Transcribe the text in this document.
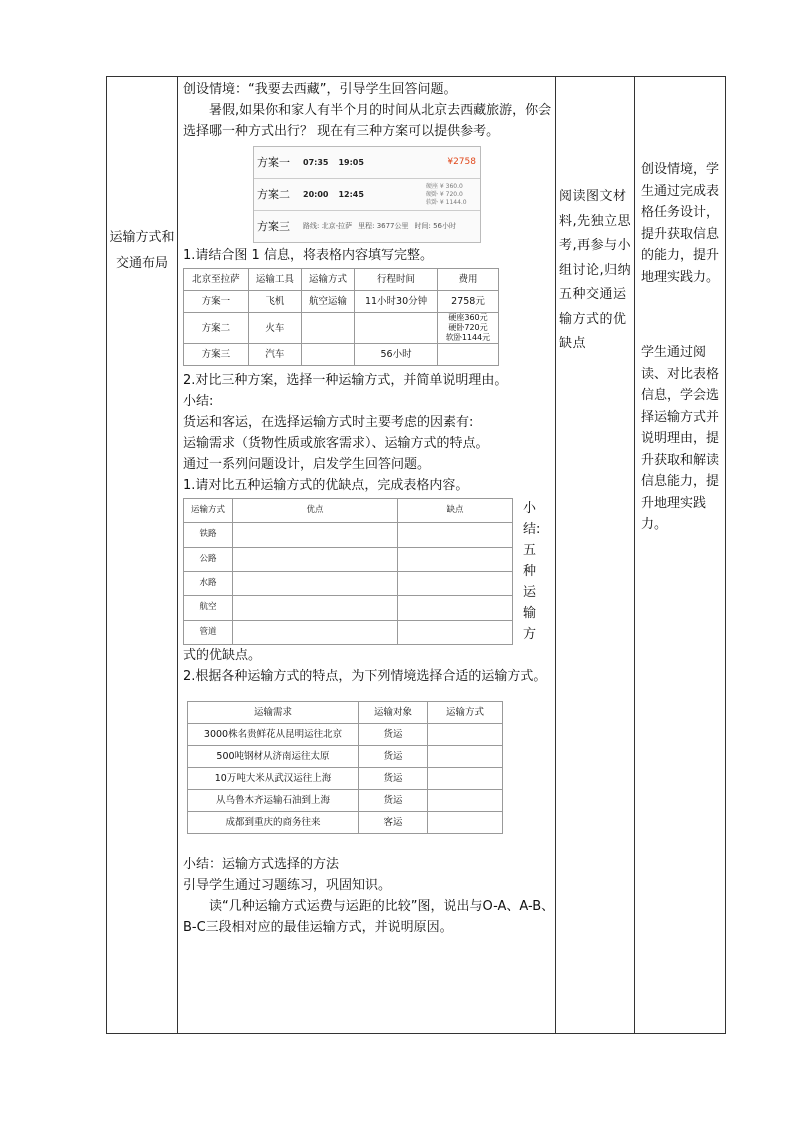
运输方式和交通布局

创设情境：“我要去西藏”，引导学生回答问题。

暑假,如果你和家人有半个月的时间从北京去西藏旅游，你会选择哪一种方式出行？ 现在有三种方案可以提供参考。

方案一	07:35 19:05	¥2758
方案二	20:00 12:45
硬座 ¥ 360.0
硬卧 ¥ 720.0
软卧 ¥ 1144.0
方案三	路线: 北京-拉萨 里程: 3677公里 时间: 56小时

1.请结合图 1 信息，将表格内容填写完整。

北京至拉萨	运输工具	运输方式	行程时间	费用
方案一	飞机	航空运输	11小时30分钟	2758元
方案二	火车			硬座360元
硬卧720元
软卧1144元

方案三	汽车		56小时	

2.对比三种方案，选择一种运输方式，并简单说明理由。

小结:

货运和客运，在选择运输方式时主要考虑的因素有:

运输需求（货物性质或旅客需求）、运输方式的特点。

通过一系列问题设计，启发学生回答问题。

1.请对比五种运输方式的优缺点，完成表格内容。

运输方式	优点	缺点
铁路		
公路		
水路		
航空		
管道		
小
结:
五
种
运
输
方

式的优缺点。

2.根据各种运输方式的特点，为下列情境选择合适的运输方式。

运输需求	运输对象	运输方式
3000株名贵鲜花从昆明运往北京	货运	
500吨钢材从济南运往太原	货运	
10万吨大米从武汉运往上海	货运	
从乌鲁木齐运输石油到上海	货运	
成都到重庆的商务往来	客运	

小结：运输方式选择的方法

引导学生通过习题练习，巩固知识。

读“几种运输方式运费与运距的比较”图，说出与O-A、A-B、B-C三段相对应的最佳运输方式，并说明原因。

阅读图文材料,先独立思考,再参与小组讨论,归纳五种交通运输方式的优缺点

创设情境，学生通过完成表格任务设计，提升获取信息的能力，提升地理实践力。

学生通过阅读、对比表格信息，学会选择运输方式并说明理由，提升获取和解读信息能力，提升地理实践力。
